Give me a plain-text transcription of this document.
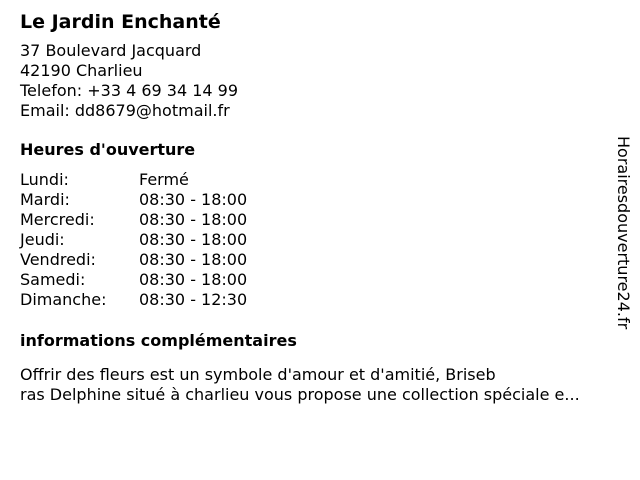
Le Jardin Enchanté
37 Boulevard Jacquard
42190 Charlieu
Telefon: +33 4 69 34 14 99
Email: dd8679@hotmail.fr
Heures d'ouverture
Lundi:	Fermé
Mardi:	08:30 - 18:00
Mercredi:	08:30 - 18:00
Jeudi:	08:30 - 18:00
Vendredi:	08:30 - 18:00
Samedi:	08:30 - 18:00
Dimanche:	08:30 - 12:30
informations complémentaires
Offrir des fleurs est un symbole d'amour et d'amitié, Briseb
ras Delphine situé à charlieu vous propose une collection spéciale e...
Horairesdouverture24.fr
